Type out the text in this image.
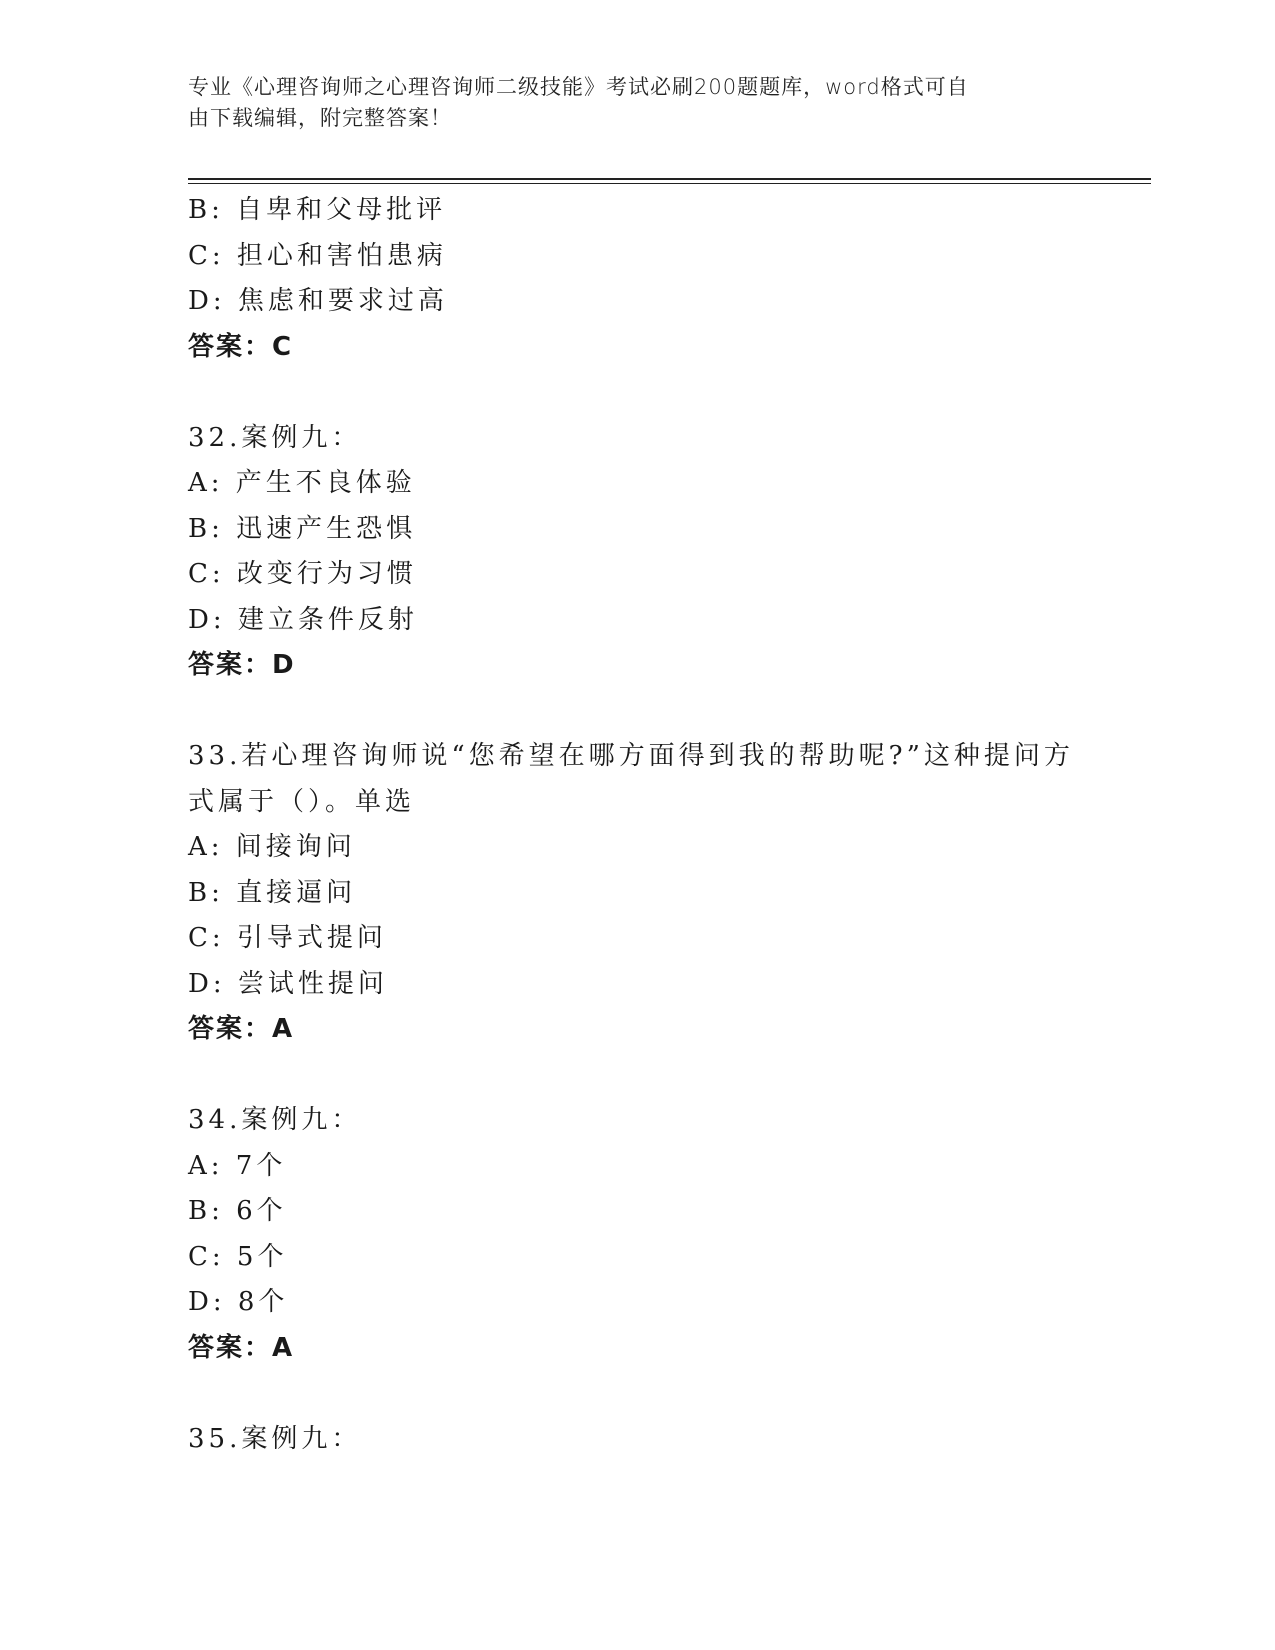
专业《心理咨询师之心理咨询师二级技能》考试必刷200题题库，word格式可自
由下载编辑，附完整答案！
B: 自卑和父母批评
C: 担心和害怕患病
D: 焦虑和要求过高
答案：C
32.案例九：
A: 产生不良体验
B: 迅速产生恐惧
C: 改变行为习惯
D: 建立条件反射
答案：D
33.若心理咨询师说“您希望在哪方面得到我的帮助呢?”这种提问方
式属于（）。单选
A: 间接询问
B: 直接逼问
C: 引导式提问
D: 尝试性提问
答案：A
34.案例九：
A: 7个
B: 6个
C: 5个
D: 8个
答案：A
35.案例九：
